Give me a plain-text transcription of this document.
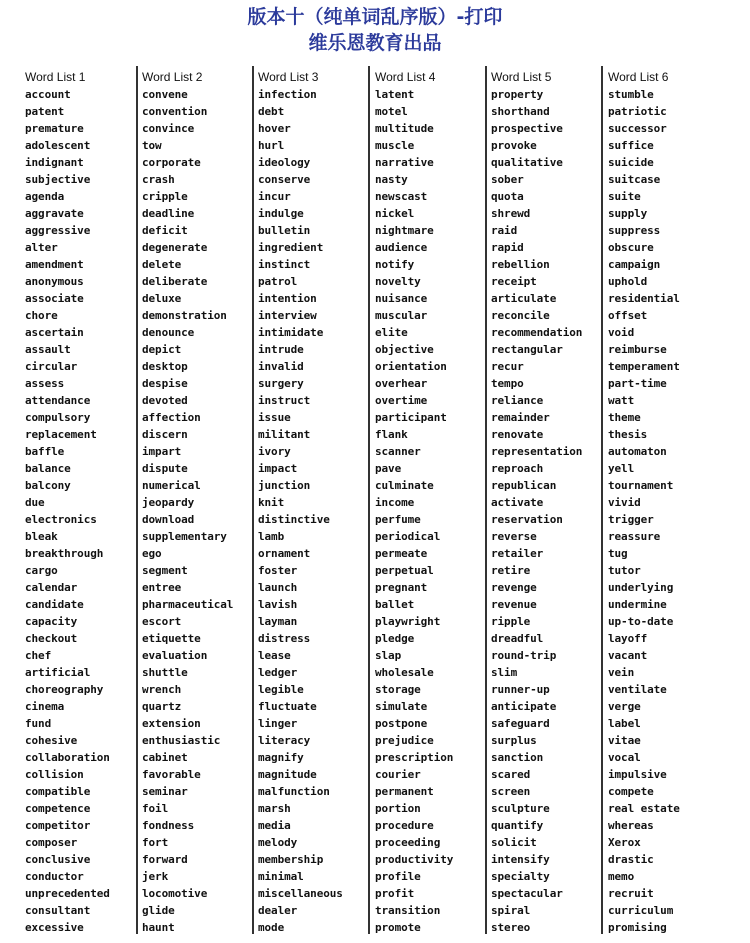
版本十（纯单词乱序版）-打印
维乐恩教育出品
Word List 1
account
patent
premature
adolescent
indignant
subjective
agenda
aggravate
aggressive
alter
amendment
anonymous
associate
chore
ascertain
assault
circular
assess
attendance
compulsory
replacement
baffle
balance
balcony
due
electronics
bleak
breakthrough
cargo
calendar
candidate
capacity
checkout
chef
artificial
choreography
cinema
fund
cohesive
collaboration
collision
compatible
competence
competitor
composer
conclusive
conductor
unprecedented
consultant
excessive
Word List 2
convene
convention
convince
tow
corporate
crash
cripple
deadline
deficit
degenerate
delete
deliberate
deluxe
demonstration
denounce
depict
desktop
despise
devoted
affection
discern
impart
dispute
numerical
jeopardy
download
supplementary
ego
segment
entree
pharmaceutical
escort
etiquette
evaluation
shuttle
wrench
quartz
extension
enthusiastic
cabinet
favorable
seminar
foil
fondness
fort
forward
jerk
locomotive
glide
haunt
Word List 3
infection
debt
hover
hurl
ideology
conserve
incur
indulge
bulletin
ingredient
instinct
patrol
intention
interview
intimidate
intrude
invalid
surgery
instruct
issue
militant
ivory
impact
junction
knit
distinctive
lamb
ornament
foster
launch
lavish
layman
distress
lease
ledger
legible
fluctuate
linger
literacy
magnify
magnitude
malfunction
marsh
media
melody
membership
minimal
miscellaneous
dealer
mode
Word List 4
latent
motel
multitude
muscle
narrative
nasty
newscast
nickel
nightmare
audience
notify
novelty
nuisance
muscular
elite
objective
orientation
overhear
overtime
participant
flank
scanner
pave
culminate
income
perfume
periodical
permeate
perpetual
pregnant
ballet
playwright
pledge
slap
wholesale
storage
simulate
postpone
prejudice
prescription
courier
permanent
portion
procedure
proceeding
productivity
profile
profit
transition
promote
Word List 5
property
shorthand
prospective
provoke
qualitative
sober
quota
shrewd
raid
rapid
rebellion
receipt
articulate
reconcile
recommendation
rectangular
recur
tempo
reliance
remainder
renovate
representation
reproach
republican
activate
reservation
reverse
retailer
retire
revenge
revenue
ripple
dreadful
round-trip
slim
runner-up
anticipate
safeguard
surplus
sanction
scared
screen
sculpture
quantify
solicit
intensify
specialty
spectacular
spiral
stereo
Word List 6
stumble
patriotic
successor
suffice
suicide
suitcase
suite
supply
suppress
obscure
campaign
uphold
residential
offset
void
reimburse
temperament
part-time
watt
theme
thesis
automaton
yell
tournament
vivid
trigger
reassure
tug
tutor
underlying
undermine
up-to-date
layoff
vacant
vein
ventilate
verge
label
vitae
vocal
impulsive
compete
real estate
whereas
Xerox
drastic
memo
recruit
curriculum
promising
